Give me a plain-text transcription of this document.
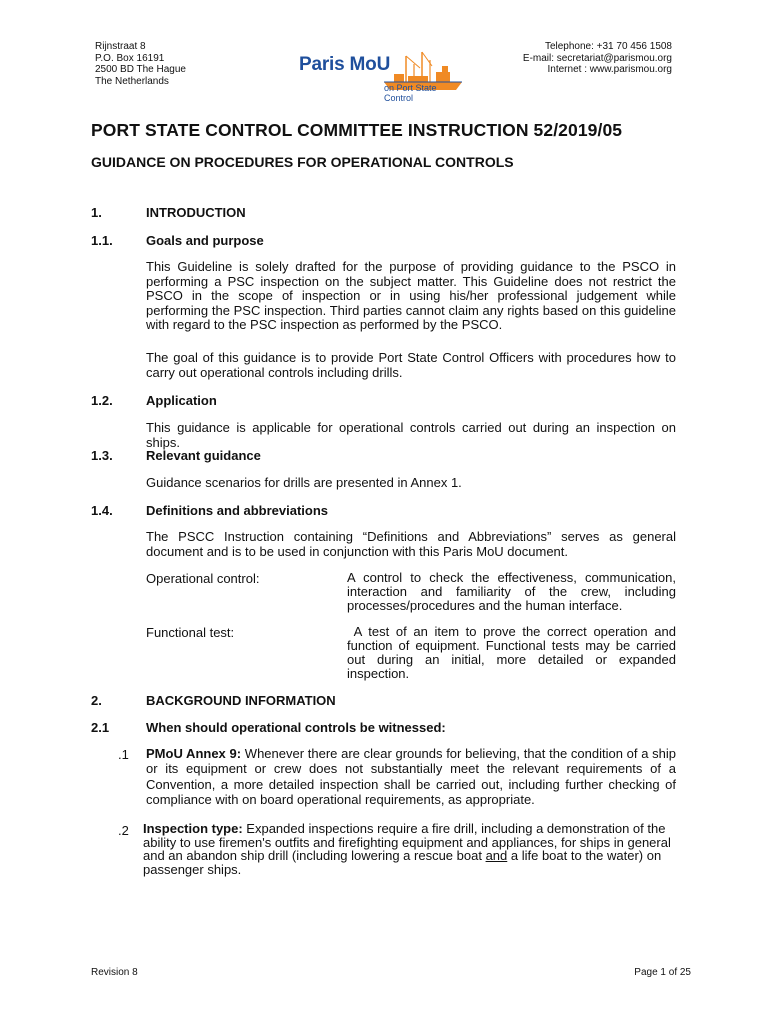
Rijnstraat 8
P.O. Box 16191
2500 BD The Hague
The Netherlands
Paris MoU
on Port State Control
Telephone: +31 70 456 1508
E-mail: secretariat@parismou.org
Internet : www.parismou.org
PORT STATE CONTROL COMMITTEE INSTRUCTION 52/2019/05
GUIDANCE ON PROCEDURES FOR OPERATIONAL CONTROLS
1.	INTRODUCTION
1.1.	Goals and purpose

This Guideline is solely drafted for the purpose of providing guidance to the PSCO in performing a PSC inspection on the subject matter. This Guideline does not restrict the PSCO in the scope of inspection or in using his/her professional judgement while performing the PSC inspection. Third parties cannot claim any rights based on this guideline with regard to the PSC inspection as performed by the PSCO.

The goal of this guidance is to provide Port State Control Officers with procedures how to carry out operational controls including drills.

1.2.	Application

This guidance is applicable for operational controls carried out during an inspection on ships.

1.3.	Relevant guidance

Guidance scenarios for drills are presented in Annex 1.

1.4.	Definitions and abbreviations

The PSCC Instruction containing “Definitions and Abbreviations” serves as general document and is to be used in conjunction with this Paris MoU document.

Operational control:	A control to check the effectiveness, communication, interaction and familiarity of the crew, including processes/procedures and the human interface.
Functional test:	A test of an item to prove the correct operation and function of equipment. Functional tests may be carried out during an initial, more detailed or expanded inspection.
2.	BACKGROUND INFORMATION
2.1	When should operational controls be witnessed:
.1 PMoU Annex 9: Whenever there are clear grounds for believing, that the condition of a ship or its equipment or crew does not substantially meet the relevant requirements of a Convention, a more detailed inspection shall be carried out, including further checking of compliance with on board operational requirements, as appropriate.

.2 Inspection type: Expanded inspections require a fire drill, including a demonstration of the ability to use firemen's outfits and firefighting equipment and appliances, for ships in general and an abandon ship drill (including lowering a rescue boat and a life boat to the water) on passenger ships.
Revision 8	Page 1 of 25
